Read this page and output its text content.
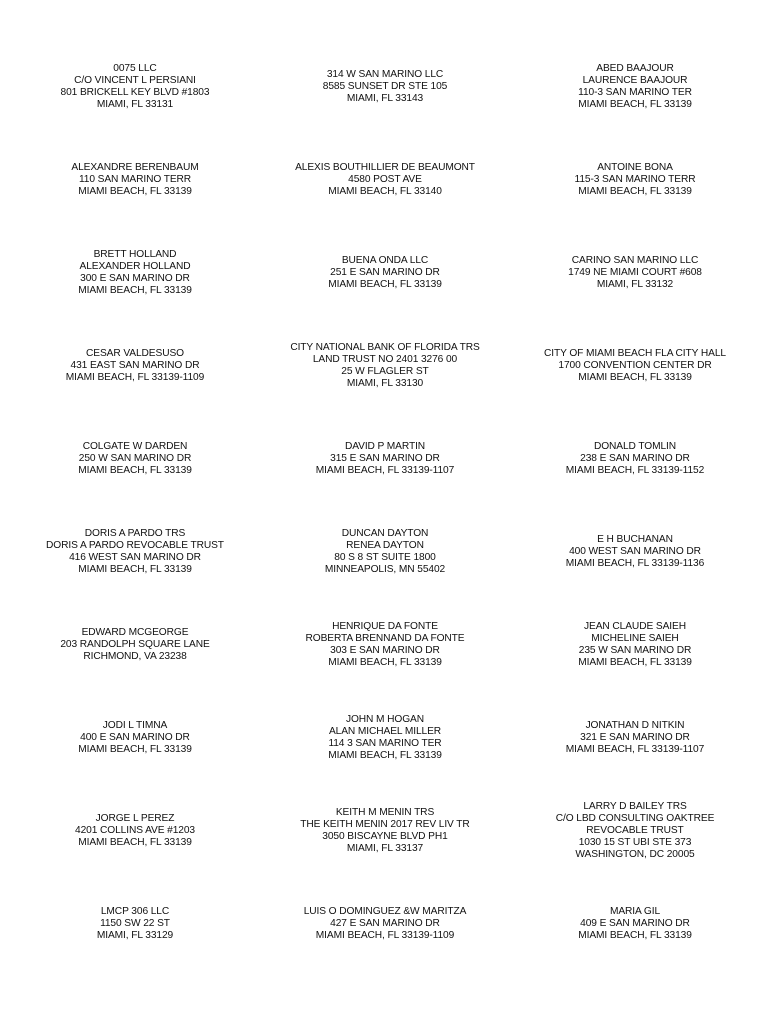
0075 LLC
C/O VINCENT L PERSIANI
801 BRICKELL KEY BLVD #1803
MIAMI, FL 33131
314 W SAN MARINO LLC
8585 SUNSET DR STE 105
MIAMI, FL 33143
ABED BAAJOUR
LAURENCE BAAJOUR
110-3 SAN MARINO TER
MIAMI BEACH, FL 33139
ALEXANDRE BERENBAUM
110 SAN MARINO TERR
MIAMI BEACH, FL 33139
ALEXIS BOUTHILLIER DE BEAUMONT
4580 POST AVE
MIAMI BEACH, FL 33140
ANTOINE BONA
115-3 SAN MARINO TERR
MIAMI BEACH, FL 33139
BRETT HOLLAND
ALEXANDER HOLLAND
300 E SAN MARINO DR
MIAMI BEACH, FL 33139
BUENA ONDA LLC
251 E SAN MARINO DR
MIAMI BEACH, FL 33139
CARINO SAN MARINO LLC
1749 NE MIAMI COURT #608
MIAMI, FL 33132
CESAR VALDESUSO
431 EAST SAN MARINO DR
MIAMI BEACH, FL 33139-1109
CITY NATIONAL BANK OF FLORIDA TRS
LAND TRUST NO 2401 3276 00
25 W FLAGLER ST
MIAMI, FL 33130
CITY OF MIAMI BEACH FLA CITY HALL
1700 CONVENTION CENTER DR
MIAMI BEACH, FL 33139
COLGATE W DARDEN
250 W SAN MARINO DR
MIAMI BEACH, FL 33139
DAVID P MARTIN
315 E SAN MARINO DR
MIAMI BEACH, FL 33139-1107
DONALD TOMLIN
238 E SAN MARINO DR
MIAMI BEACH, FL 33139-1152
DORIS A PARDO TRS
DORIS A PARDO REVOCABLE TRUST
416 WEST SAN MARINO DR
MIAMI BEACH, FL 33139
DUNCAN DAYTON
RENEA DAYTON
80 S 8 ST SUITE 1800
MINNEAPOLIS, MN 55402
E H BUCHANAN
400 WEST SAN MARINO DR
MIAMI BEACH, FL 33139-1136
EDWARD MCGEORGE
203 RANDOLPH SQUARE LANE
RICHMOND, VA 23238
HENRIQUE DA FONTE
ROBERTA BRENNAND DA FONTE
303 E SAN MARINO DR
MIAMI BEACH, FL 33139
JEAN CLAUDE SAIEH
MICHELINE SAIEH
235 W SAN MARINO DR
MIAMI BEACH, FL 33139
JODI L TIMNA
400 E SAN MARINO DR
MIAMI BEACH, FL 33139
JOHN M HOGAN
ALAN MICHAEL MILLER
114 3 SAN MARINO TER
MIAMI BEACH, FL 33139
JONATHAN D NITKIN
321 E SAN MARINO DR
MIAMI BEACH, FL 33139-1107
JORGE L PEREZ
4201 COLLINS AVE #1203
MIAMI BEACH, FL 33139
KEITH M MENIN TRS
THE KEITH MENIN 2017 REV LIV TR
3050 BISCAYNE BLVD PH1
MIAMI, FL 33137
LARRY D BAILEY TRS
C/O LBD CONSULTING OAKTREE
REVOCABLE TRUST
1030 15 ST UBI STE 373
WASHINGTON, DC 20005
LMCP 306 LLC
1150 SW 22 ST
MIAMI, FL 33129
LUIS O DOMINGUEZ &W MARITZA
427 E SAN MARINO DR
MIAMI BEACH, FL 33139-1109
MARIA GIL
409 E SAN MARINO DR
MIAMI BEACH, FL 33139
